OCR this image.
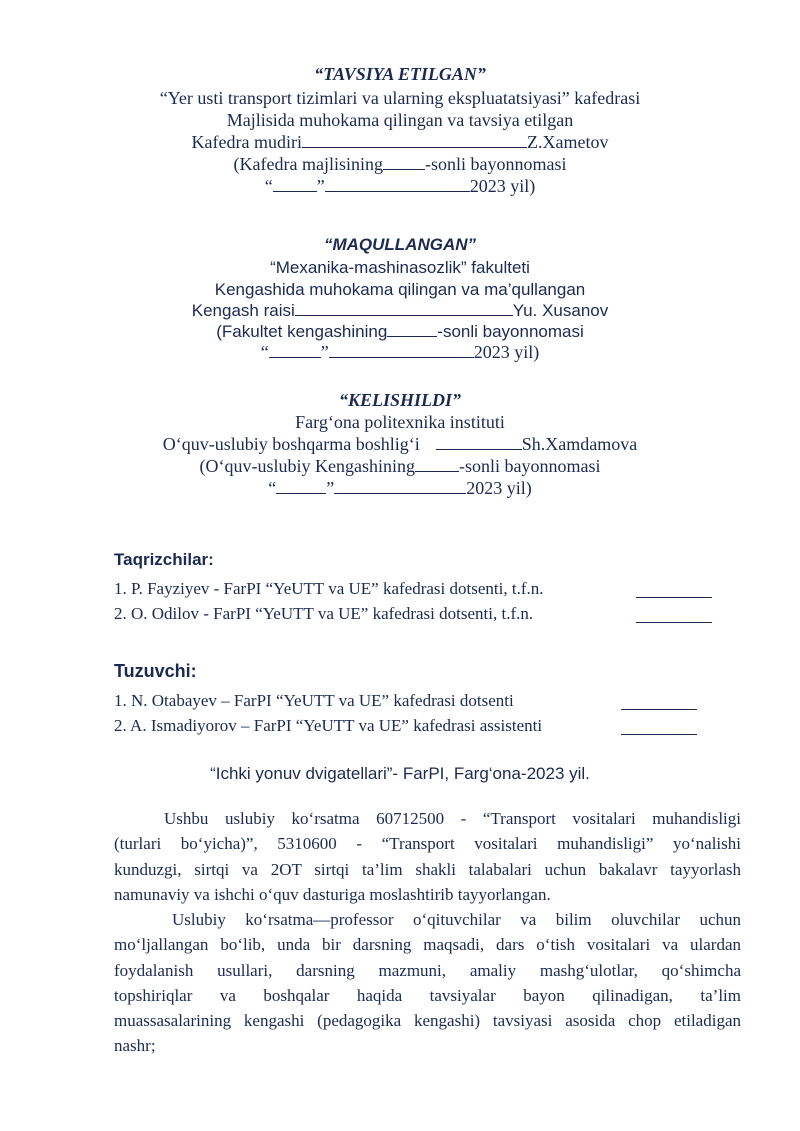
“TAVSIYA ETILGAN”
“Yer usti transport tizimlari va ularning ekspluatatsiyasi” kafedrasi
Majlisida muhokama qilingan va tavsiya etilgan
Kafedra mudiri	Z.Xametov
(Kafedra majlisining -sonli bayonnomasi
“ ”	2023 yil)
“MAQULLANGAN”
“Mexanika-mashinasozlik” fakulteti
Kengashida muhokama qilingan va ma’qullangan
Kengash raisi	Yu. Xusanov
(Fakultet kengashining	-sonli bayonnomasi
“	”	2023 yil)
“KELISHILDI”
Farg‘ona politexnika instituti
O‘quv-uslubiy boshqarma boshlig‘i	Sh.Xamdamova
(O‘quv-uslubiy Kengashining -sonli bayonnomasi
“	”	2023 yil)
Taqrizchilar:
1. P. Fayziyev - FarPI “YeUTT va UE” kafedrasi dotsenti, t.f.n.
2. O. Odilov - FarPI “YeUTT va UE” kafedrasi dotsenti, t.f.n.
Tuzuvchi:
1. N. Otabayev – FarPI “YeUTT va UE” kafedrasi dotsenti
2. A. Ismadiyorov – FarPI “YeUTT va UE” kafedrasi assistenti
“Ichki yonuv dvigatellari”- FarPI, Farg‘ona-2023 yil.
Ushbu uslubiy ko‘rsatma 60712500 - “Transport vositalari muhandisligi
(turlari bo‘yicha)”, 5310600 - “Transport vositalari muhandisligi” yo‘nalishi
kunduzgi, sirtqi va 2OT sirtqi ta’lim shakli talabalari uchun bakalavr tayyorlash
namunaviy va ishchi o‘quv dasturiga moslashtirib tayyorlangan.
Uslubiy ko‘rsatma—professor o‘qituvchilar va bilim oluvchilar uchun
mo‘ljallangan bo‘lib, unda bir darsning maqsadi, dars o‘tish vositalari va ulardan
foydalanish usullari, darsning mazmuni, amaliy mashg‘ulotlar, qo‘shimcha
topshiriqlar va boshqalar haqida tavsiyalar bayon qilinadigan, ta’lim
muassasalarining kengashi (pedagogika kengashi) tavsiyasi asosida chop etiladigan
nashr;
